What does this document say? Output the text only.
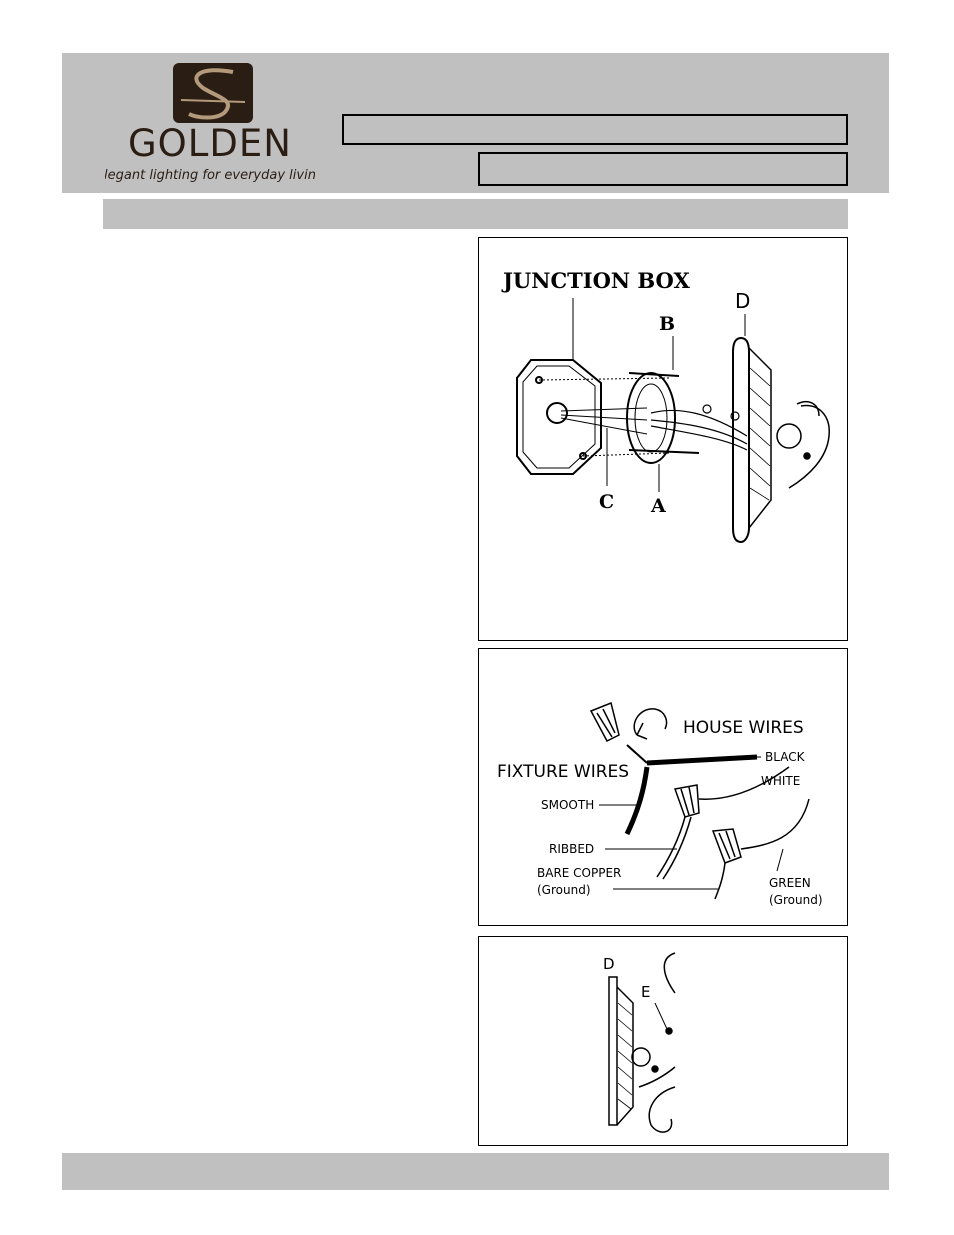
GOLDEN
Elegant lighting for everyday living
JUNCTION BOX
B
C A
D
HOUSE WIRES
FIXTURE WIRES
BLACK
SMOOTH
WHITE
RIBBED
BARE COPPER
(Ground)	GREEN
(Ground)
D
E
